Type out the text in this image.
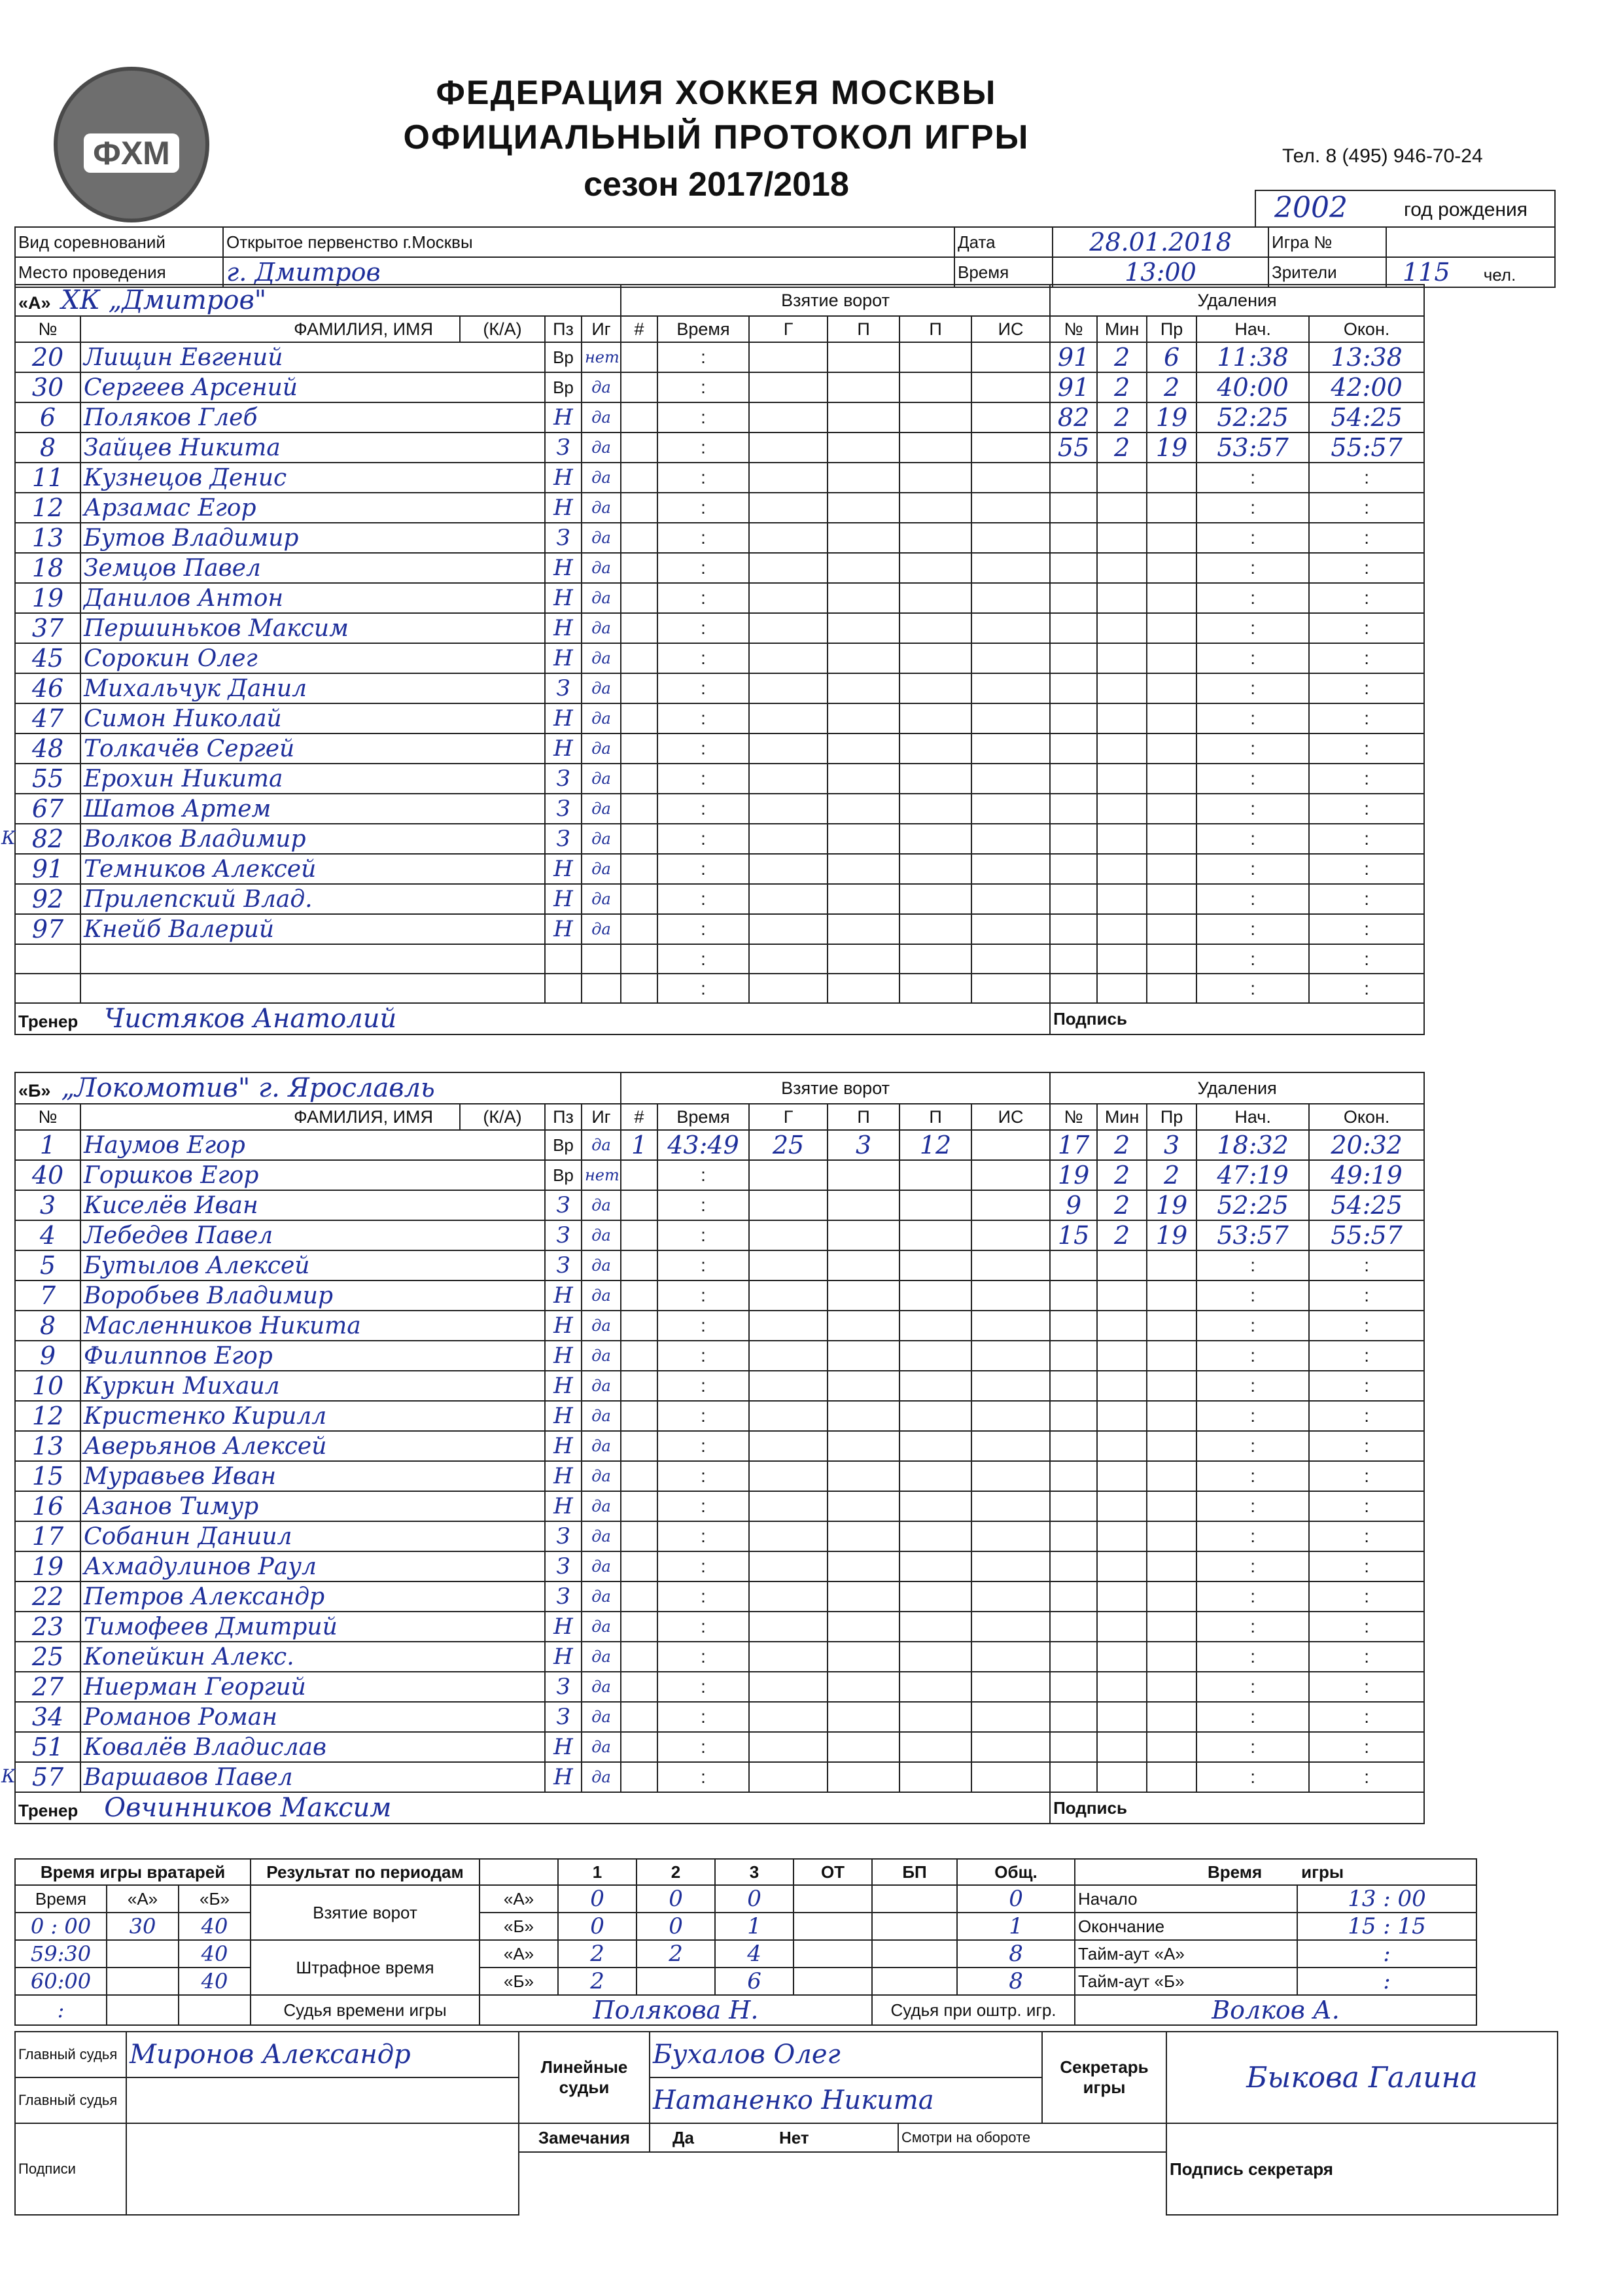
ФХМ
ФЕДЕРАЦИЯ ХОККЕЯ МОСКВЫ
ОФИЦИАЛЬНЫЙ ПРОТОКОЛ ИГРЫ
сезон 2017/2018
Тел. 8 (495) 946-70-24
2002	год рождения
Вид соревнований	Открытое первенство г.Москвы	Дата	28.01.2018	Игра №	
Место проведения	г. Дмитров	Время	13:00	Зрители	115 чел.
«А» ХК „Дмитров"					Взятие ворот						Удаления				
№	ФАМИЛИЯ, ИМЯ	(К/А)	Пз	Иг	#	Время	Г	П	П	ИС	№	Мин	Пр	Нач.	Окон.
20	Лищин Евгений		Вр	нет		:					91	2	6	11:38	13:38
30	Сергеев Арсений		Вр	да		:					91	2	2	40:00	42:00
6	Поляков Глеб		Н	да		:					82	2	19	52:25	54:25
8	Зайцев Никита		З	да		:					55	2	19	53:57	55:57
11	Кузнецов Денис		Н	да		:								:	:
12	Арзамас Егор		Н	да		:								:	:
13	Бутов Владимир		З	да		:								:	:
18	Земцов Павел		Н	да		:								:	:
19	Данилов Антон		Н	да		:								:	:
37	Першиньков Максим		Н	да		:								:	:
45	Сорокин Олег		Н	да		:								:	:
46	Михальчук Данил		З	да		:								:	:
47	Симон Николай		Н	да		:								:	:
48	Толкачёв Сергей		Н	да		:								:	:
55	Ерохин Никита		З	да		:								:	:
67	Шатов Артем		З	да		:								:	:

К 82	Волков Владимир		З	да		:								:	:
91	Темников Алексей		Н	да		:								:	:
92	Прилепский Влад.		Н	да		:								:	:
97	Кнейб Валерий		Н	да		:								:	:
						:								:	:
						:								:	:
Тренер Чистяков Анатолий											Подпись				
«Б» „Локомотив" г. Ярославль					Взятие ворот						Удаления				
№	ФАМИЛИЯ, ИМЯ	(К/А)	Пз	Иг	#	Время	Г	П	П	ИС	№	Мин	Пр	Нач.	Окон.
1	Наумов Егор		Вр	да	1	43:49	25	3	12		17	2	3	18:32	20:32
40	Горшков Егор		Вр	нет		:					19	2	2	47:19	49:19
3	Киселёв Иван		З	да		:					9	2	19	52:25	54:25
4	Лебедев Павел		З	да		:					15	2	19	53:57	55:57
5	Бутылов Алексей		З	да		:								:	:
7	Воробьев Владимир		Н	да		:								:	:
8	Масленников Никита		Н	да		:								:	:
9	Филиппов Егор		Н	да		:								:	:
10	Куркин Михаил		Н	да		:								:	:
12	Кристенко Кирилл		Н	да		:								:	:
13	Аверьянов Алексей		Н	да		:								:	:
15	Муравьев Иван		Н	да		:								:	:
16	Азанов Тимур		Н	да		:								:	:
17	Собанин Даниил		З	да		:								:	:
19	Ахмадулинов Раул		З	да		:								:	:
22	Петров Александр		З	да		:								:	:
23	Тимофеев Дмитрий		Н	да		:								:	:
25	Копейкин Алекс.		Н	да		:								:	:
27	Ниерман Георгий		З	да		:								:	:
34	Романов Роман		З	да		:								:	:
51	Ковалёв Владислав		Н	да		:								:	:

К 57	Варшавов Павел		Н	да		:								:	:
Тренер Овчинников Максим											Подпись				
Время игры вратарей			Результат по периодам		1	2	3	ОТ	БП	Общ.	Время игры	
Время	«А»	«Б»	Взятие ворот	«А»	0	0	0			0	Начало	13 : 00
0 : 00	30	40		«Б»	0	0	1			1	Окончание	15 : 15
59:30		40	Штрафное время	«А»	2	2	4			8	Тайм-аут «А»	:
60:00		40		«Б»	2		6			8	Тайм-аут «Б»	:
:			Судья времени игры	Полякова Н.					Судья при оштр. игр.		Волков А.	
Главный судья	Миронов Александр	Линейные судьи	Бухалов Олег		Секретарь игры	Быкова Галина
Главный судья			Натаненко Никита			
Подписи		Замечания	Да Нет	Смотри на обороте		Подпись секретаря
